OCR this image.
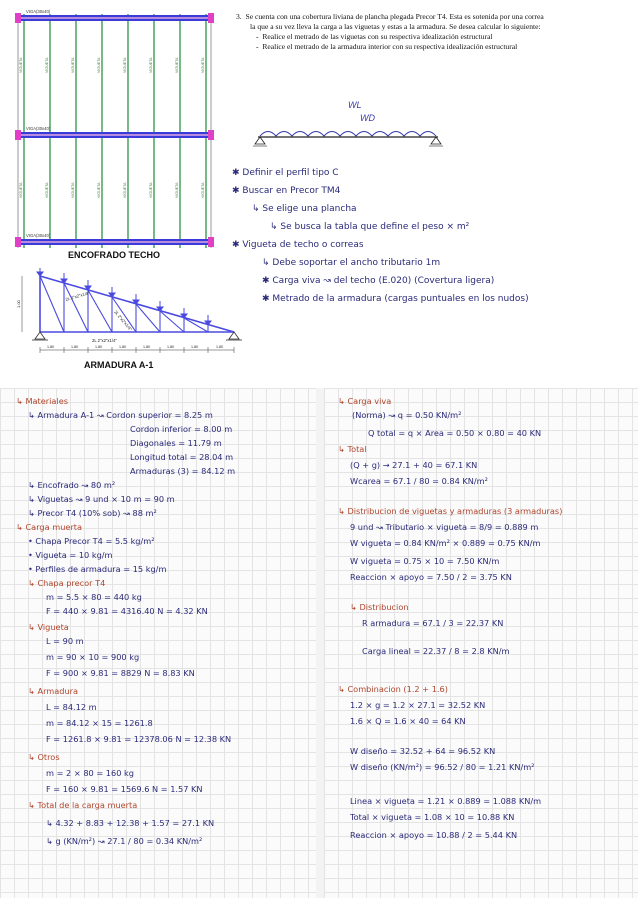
VIGUETA	VIGUETA	VIGUETA	VIGUETA	VIGUETA	VIGUETA	VIGUETA	VIGUETA
VIGUETA	VIGUETA	VIGUETA	VIGUETA	VIGUETA	VIGUETA	VIGUETA	VIGUETA
VIGA(30x40)
VIGA(30x40)
VIGA(30x40)
ENCOFRADO TECHO
2L 2"x2"x1/4"
2L 2"x2"x1/4"
2L 2"x2"x1/4"
1.00
1.80	1.80	1.80	1.80	1.80	1.80	1.80	1.80
ARMADURA A-1
3. Se cuenta con una cobertura liviana de plancha plegada Precor T4. Esta es sotenida por una correa
la que a su vez lleva la carga a las viguetas y estas a la armadura. Se desea calcular lo siguiente:
-  Realice el metrado de las viguetas con su respectiva idealización estructural
-  Realice el metrado de la armadura interior con su respectiva idealización estructural
WL
WD
✱ Definir el perfil tipo C
✱ Buscar en Precor TM4
↳ Se elige una plancha
↳ Se busca la tabla que define el peso × m²
✱ Vigueta de techo o correas
↳ Debe soportar el ancho tributario 1m
✱ Carga viva ↝ del techo (E.020) (Covertura ligera)
✱ Metrado de la armadura (cargas puntuales en los nudos)
↳ Materiales
↳ Armadura A-1 ↝ Cordon superior = 8.25 m
Cordon inferior = 8.00 m
Diagonales = 11.79 m
Longitud total = 28.04 m
Armaduras (3) = 84.12 m
↳ Encofrado ↝ 80 m²
↳ Viguetas ↝ 9 und × 10 m = 90 m
↳ Precor T4 (10% sob) ↝ 88 m²
↳ Carga muerta
• Chapa Precor T4 = 5.5 kg/m²
• Vigueta = 10 kg/m
• Perfiles de armadura = 15 kg/m
↳ Chapa precor T4
m = 5.5 × 80 = 440 kg
F = 440 × 9.81 = 4316.40 N = 4.32 KN
↳ Vigueta
L = 90 m
m = 90 × 10 = 900 kg
F = 900 × 9.81 = 8829 N = 8.83 KN
↳ Armadura
L = 84.12 m
m = 84.12 × 15 = 1261.8
F = 1261.8 × 9.81 = 12378.06 N = 12.38 KN
↳ Otros
m = 2 × 80 = 160 kg
F = 160 × 9.81 = 1569.6 N = 1.57 KN
↳ Total de la carga muerta
↳ 4.32 + 8.83 + 12.38 + 1.57 = 27.1 KN
↳ g (KN/m²) ↝ 27.1 / 80 = 0.34 KN/m²
↳ Carga viva
(Norma) ↝ q = 0.50 KN/m²
Q total = q × Area = 0.50 × 0.80 = 40 KN
↳ Total
(Q + g) → 27.1 + 40 = 67.1 KN
Wcarea = 67.1 / 80 = 0.84 KN/m²
↳ Distribucion de viguetas y armaduras (3 armaduras)
9 und ↝ Tributario × vigueta = 8/9 = 0.889 m
W vigueta = 0.84 KN/m² × 0.889 = 0.75 KN/m
W vigueta = 0.75 × 10 = 7.50 KN/m
Reaccion × apoyo = 7.50 / 2 = 3.75 KN
↳ Distribucion
R armadura = 67.1 / 3 = 22.37 KN
Carga lineal = 22.37 / 8 = 2.8 KN/m
↳ Combinacion (1.2 + 1.6)
1.2 × g = 1.2 × 27.1 = 32.52 KN
1.6 × Q = 1.6 × 40 = 64 KN
W diseño = 32.52 + 64 = 96.52 KN
W diseño (KN/m²) = 96.52 / 80 = 1.21 KN/m²
Linea × vigueta = 1.21 × 0.889 = 1.088 KN/m
Total × vigueta = 1.08 × 10 = 10.88 KN
Reaccion × apoyo = 10.88 / 2 = 5.44 KN
